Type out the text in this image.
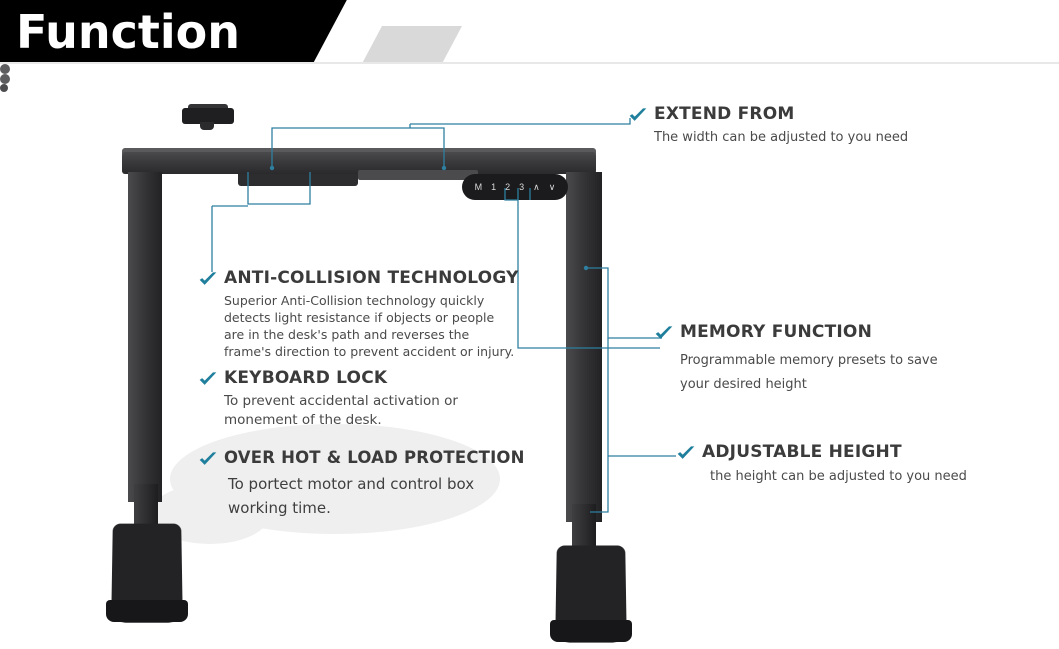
Function
M 1 2 3 ∧ ∨
EXTEND FROM
The width can be adjusted to you need
MEMORY FUNCTION
Programmable memory presets to save your desired height
ADJUSTABLE HEIGHT
the height can be adjusted to you need
ANTI-COLLISION TECHNOLOGY
Superior Anti-Collision technology quickly detects light resistance if objects or people are in the desk's path and reverses the frame's direction to prevent accident or injury.
KEYBOARD LOCK
To prevent accidental activation or monement of the desk.
OVER HOT & LOAD PROTECTION
To portect motor and control box working time.
